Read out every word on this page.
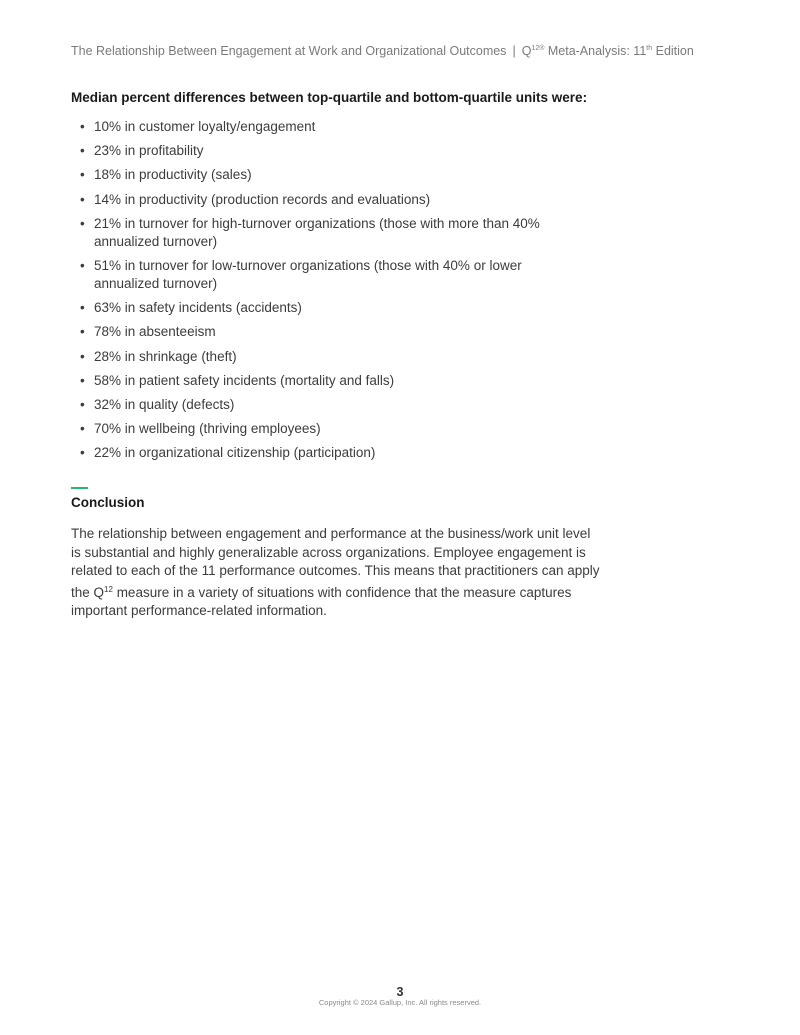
The Relationship Between Engagement at Work and Organizational Outcomes | $Q^{12®}$ Meta-Analysis: 11th Edition
Median percent differences between top-quartile and bottom-quartile units were:
• 10% in customer loyalty/engagement
• 23% in profitability
• 18% in productivity (sales)
• 14% in productivity (production records and evaluations)
• 21% in turnover for high-turnover organizations (those with more than 40% annualized turnover)
• 51% in turnover for low-turnover organizations (those with 40% or lower annualized turnover)
• 63% in safety incidents (accidents)
• 78% in absenteeism
• 28% in shrinkage (theft)
• 58% in patient safety incidents (mortality and falls)
• 32% in quality (defects)
• 70% in wellbeing (thriving employees)
• 22% in organizational citizenship (participation)
Conclusion
The relationship between engagement and performance at the business/work unit level is substantial and highly generalizable across organizations. Employee engagement is related to each of the 11 performance outcomes. This means that practitioners can apply the $Q^{12}$ measure in a variety of situations with confidence that the measure captures important performance-related information.
3
Copyright © 2024 Gallup, Inc. All rights reserved.
